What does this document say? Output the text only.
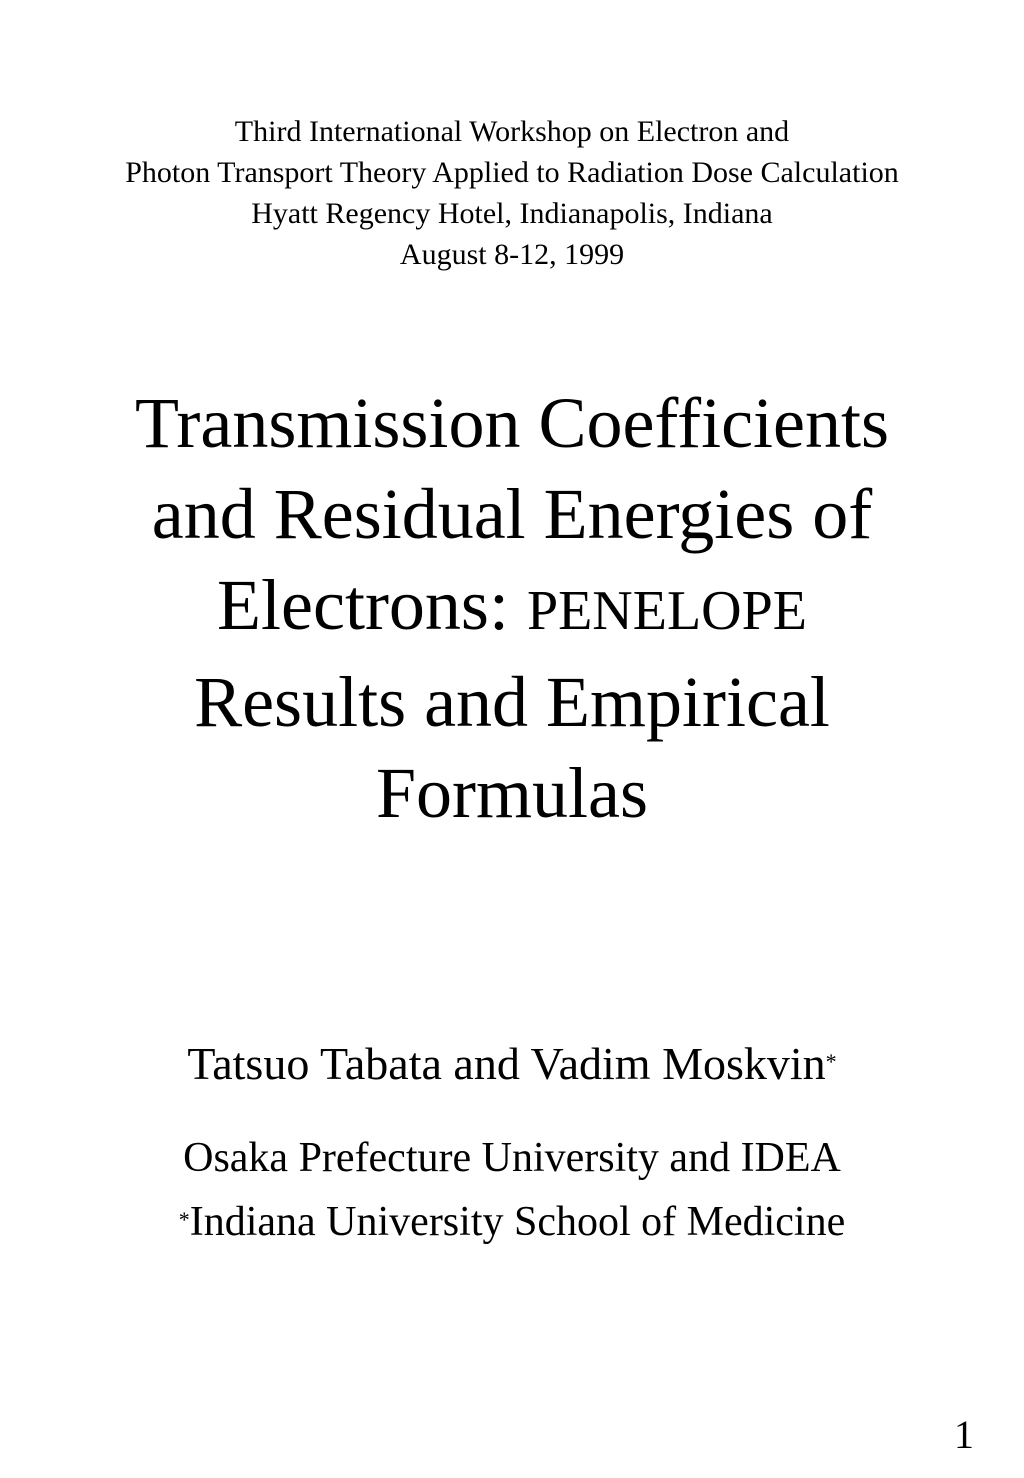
Third International Workshop on Electron and
Photon Transport Theory Applied to Radiation Dose Calculation
Hyatt Regency Hotel, Indianapolis, Indiana
August 8-12, 1999
Transmission Coefficients
and Residual Energies of
Electrons: PENELOPE
Results and Empirical
Formulas
Tatsuo Tabata and Vadim Moskvin*
Osaka Prefecture University and IDEA
*Indiana University School of Medicine
1
